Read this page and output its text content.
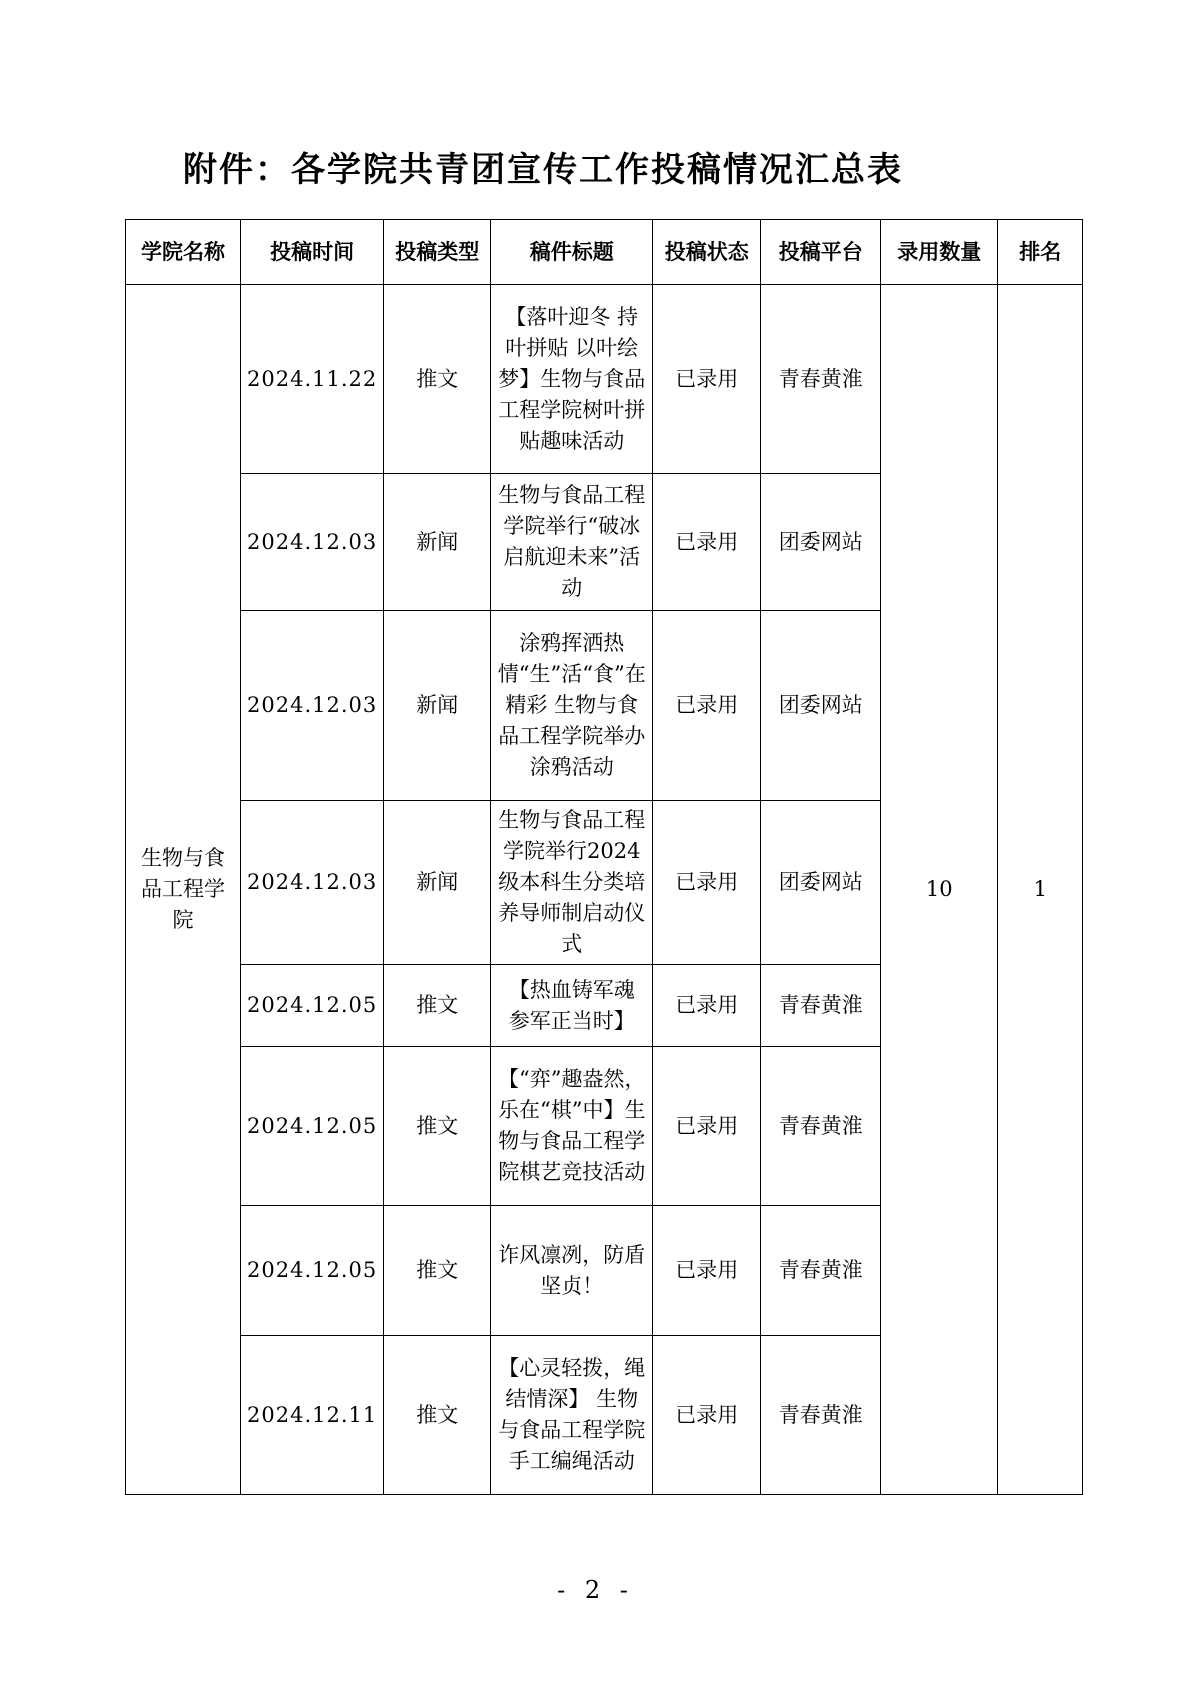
附件：各学院共青团宣传工作投稿情况汇总表
学院名称	投稿时间	投稿类型	稿件标题	投稿状态	投稿平台	录用数量	排名
生物与食品工程学院	2024.11.22	推文	【落叶迎冬 持叶拼贴 以叶绘梦】生物与食品工程学院树叶拼贴趣味活动	已录用	青春黄淮	10	1
	2024.12.03	新闻	生物与食品工程学院举行“破冰启航迎未来”活动	已录用	团委网站		
	2024.12.03	新闻	涂鸦挥洒热情“生”活“食”在精彩 生物与食品工程学院举办涂鸦活动	已录用	团委网站		
	2024.12.03	新闻	生物与食品工程学院举行2024级本科生分类培养导师制启动仪式	已录用	团委网站		
	2024.12.05	推文	【热血铸军魂 参军正当时】	已录用	青春黄淮		
	2024.12.05	推文	【“弈”趣盎然，乐在“棋”中】生物与食品工程学院棋艺竞技活动	已录用	青春黄淮		
	2024.12.05	推文	诈风凛冽，防盾坚贞！	已录用	青春黄淮		
	2024.12.11	推文	【心灵轻拨，绳结情深】 生物与食品工程学院手工编绳活动	已录用	青春黄淮		
- 2 -
